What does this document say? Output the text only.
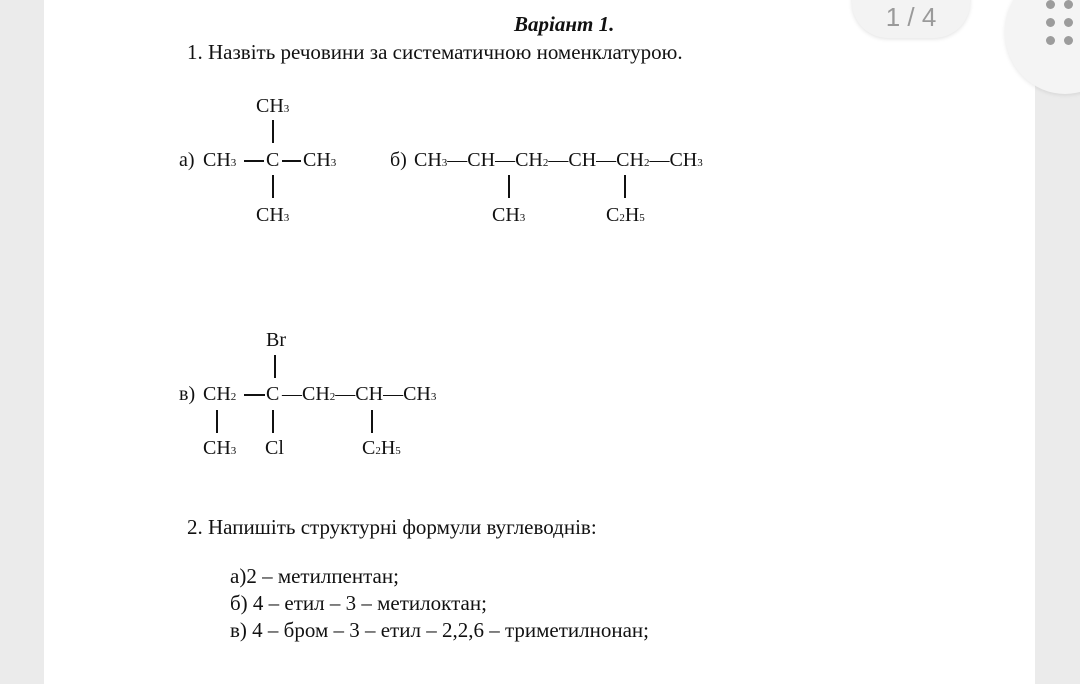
Варіант 1.
1. Назвіть речовини за систематичною номенклатурою.
CH3
а) CH3 C CH3
CH3
б) CH3—CH—CH2—CH—CH2—CH3
CH3	C2H5
Br
в) CH2 C —CH2—CH—CH3
CH3 Cl	C2H5
2. Напишіть структурні формули вуглеводнів:
а)2 – метилпентан;
б) 4 – етил – 3 – метилоктан;
в) 4 – бром – 3 – етил – 2,2,6 – триметилнонан;
1 / 4
